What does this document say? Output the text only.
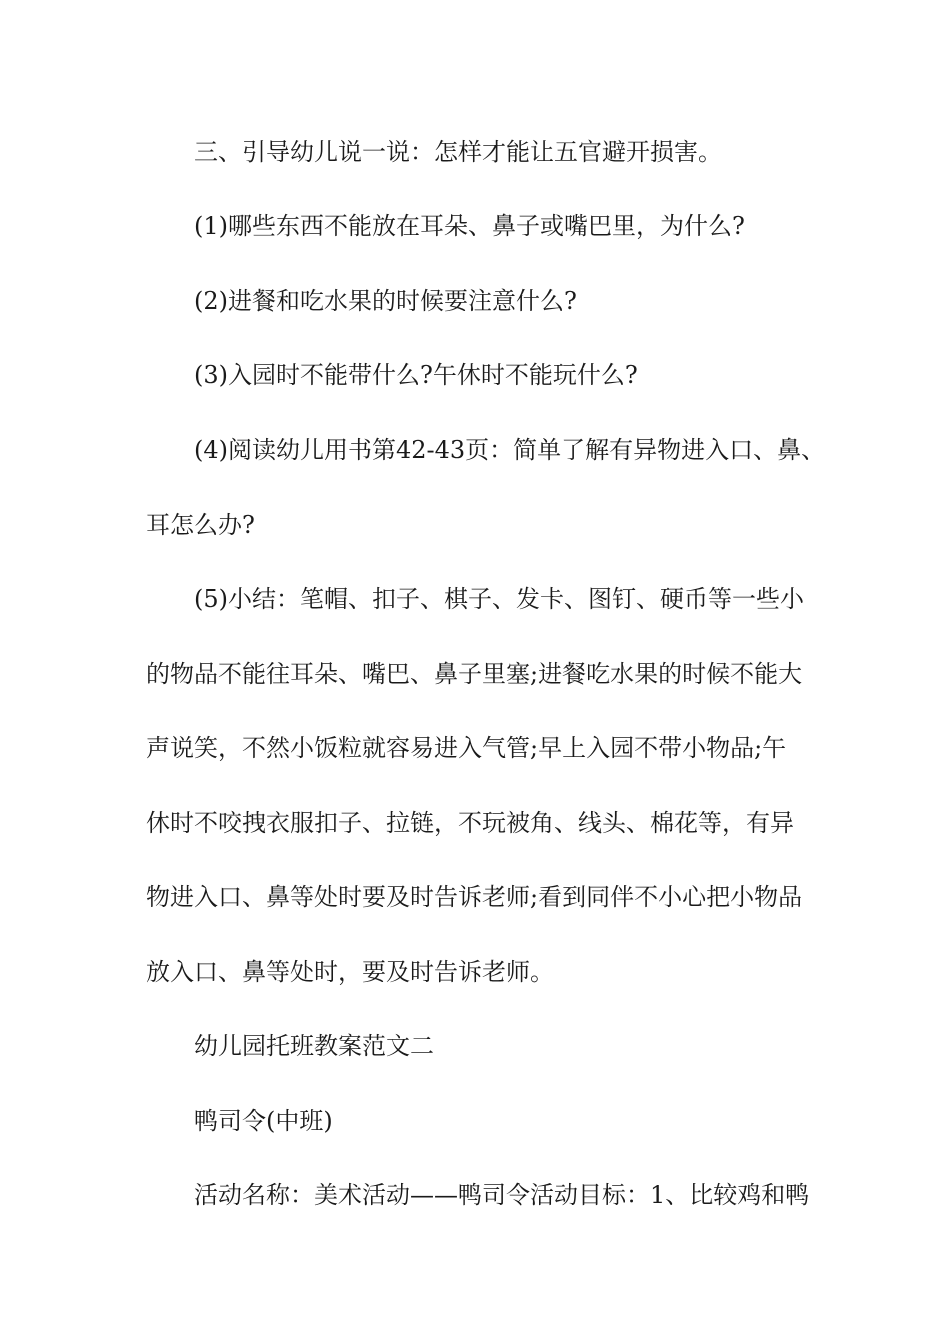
三、引导幼儿说一说：怎样才能让五官避开损害。
(1)哪些东西不能放在耳朵、鼻子或嘴巴里，为什么?
(2)进餐和吃水果的时候要注意什么?
(3)入园时不能带什么?午休时不能玩什么?
(4)阅读幼儿用书第42-43页：简单了解有异物进入口、鼻、
耳怎么办?
(5)小结：笔帽、扣子、棋子、发卡、图钉、硬币等一些小
的物品不能往耳朵、嘴巴、鼻子里塞;进餐吃水果的时候不能大
声说笑，不然小饭粒就容易进入气管;早上入园不带小物品;午
休时不咬拽衣服扣子、拉链，不玩被角、线头、棉花等，有异
物进入口、鼻等处时要及时告诉老师;看到同伴不小心把小物品
放入口、鼻等处时，要及时告诉老师。
幼儿园托班教案范文二
鸭司令(中班)
活动名称：美术活动——鸭司令活动目标：1、比较鸡和鸭
